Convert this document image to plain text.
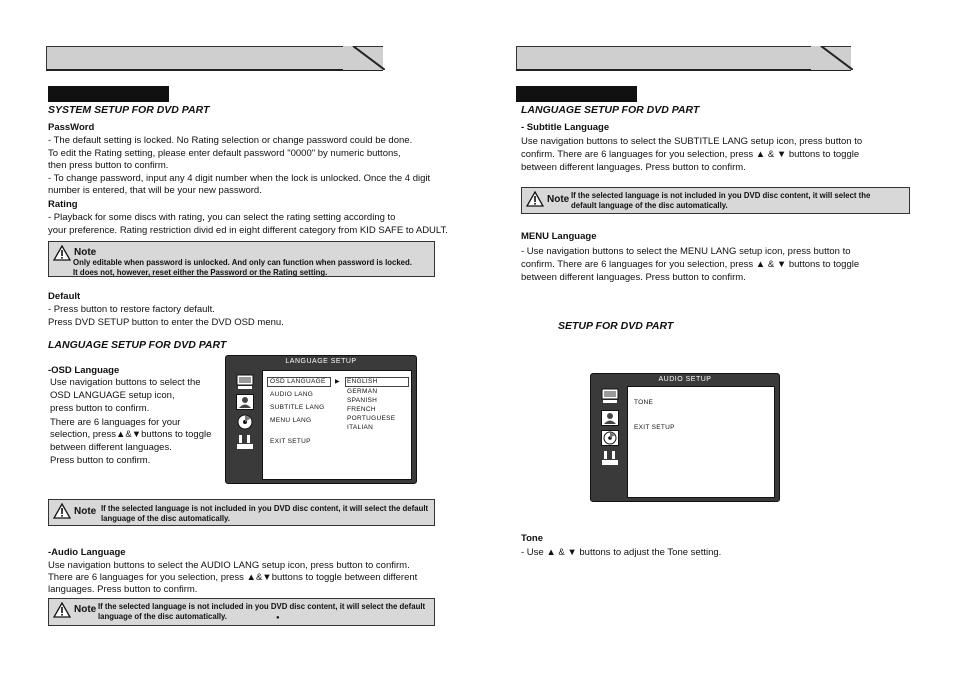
SYSTEM SETUP FOR DVD PART
PassWord
- The default setting is locked. No Rating selection or change password could be done.
To edit the Rating setting, please enter default password "0000" by numeric buttons,
then press button to confirm.
- To change password, input any 4 digit number when the lock is unlocked. Once the 4 digit
number is entered, that will be your new password.
Rating
- Playback for some discs with rating, you can select the rating setting according to
your preference. Rating restriction divid ed in eight different category from KID SAFE to ADULT.
Note
Only editable when password is unlocked. And only can function when password is locked.
It does not, however, reset either the Password or the Rating setting.
Default
- Press button to restore factory default.
Press DVD SETUP button to enter the DVD OSD menu.
LANGUAGE SETUP FOR DVD PART
-OSD Language
Use navigation buttons to select the
OSD LANGUAGE setup icon,
press button to confirm.
There are 6 languages for your
selection, press▲&▼buttons to toggle
between different languages.
Press button to confirm.
LANGUAGE SETUP
OSD LANGUAGE
AUDIO LANG
SUBTITLE LANG
MENU LANG
EXIT SETUP
▶ ENGLISH
GERMAN
SPANISH
FRENCH
PORTUGUESE
ITALIAN
Note If the selected language is not included in you DVD disc content, it will select the default
language of the disc automatically.
-Audio Language
Use navigation buttons to select the AUDIO LANG setup icon, press button to confirm.
There are 6 languages for you selection, press ▲&▼buttons to toggle between different
languages. Press button to confirm.
Note If the selected language is not included in you DVD disc content, it will select the default
language of the disc automatically.	●
LANGUAGE SETUP FOR DVD PART
- Subtitle Language
Use navigation buttons to select the SUBTITLE LANG setup icon, press button to
confirm. There are 6 languages for you selection, press ▲ & ▼ buttons to toggle
between different languages. Press button to confirm.
Note If the selected language is not included in you DVD disc content, it will select the
default language of the disc automatically.
MENU Language
- Use navigation buttons to select the MENU LANG setup icon, press button to
confirm. There are 6 languages for you selection, press ▲ & ▼ buttons to toggle
between different languages. Press button to confirm.
SETUP FOR DVD PART
AUDIO SETUP
TONE
EXIT SETUP
Tone
- Use ▲ & ▼ buttons to adjust the Tone setting.
